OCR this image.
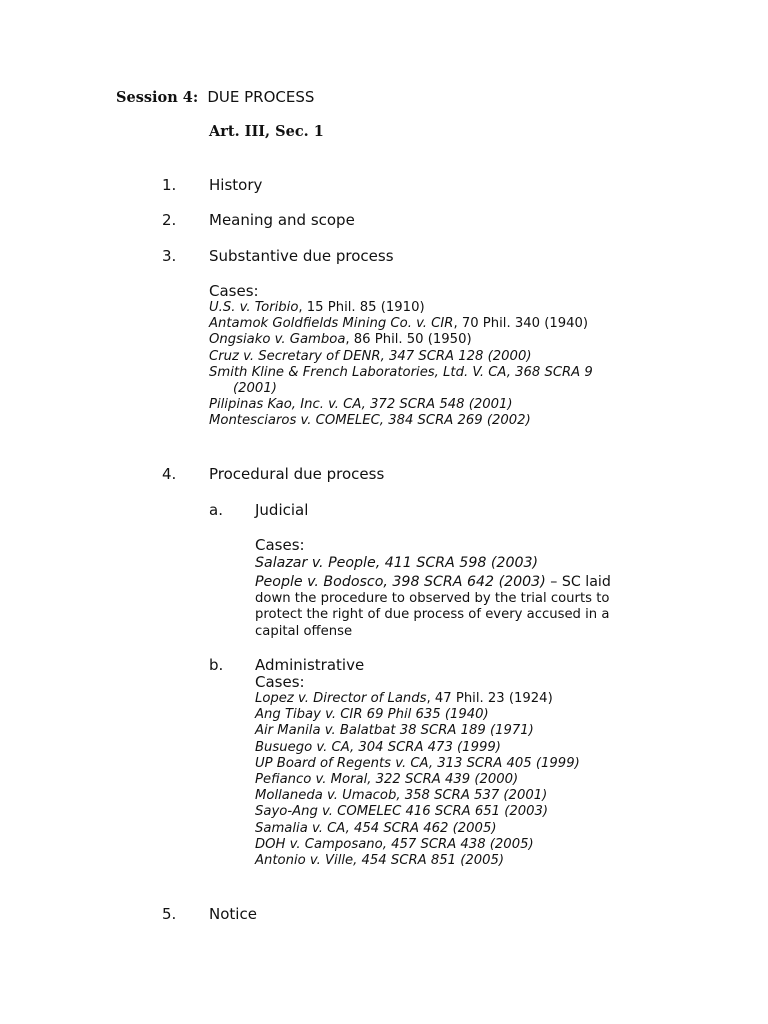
Session 4: DUE PROCESS
Art. III, Sec. 1
1. History
2. Meaning and scope
3. Substantive due process
Cases:
U.S. v. Toribio, 15 Phil. 85 (1910)
Antamok Goldfields Mining Co. v. CIR, 70 Phil. 340 (1940)
Ongsiako v. Gamboa, 86 Phil. 50 (1950)
Cruz v. Secretary of DENR, 347 SCRA 128 (2000)
Smith Kline & French Laboratories, Ltd. V. CA, 368 SCRA 9
(2001)
Pilipinas Kao, Inc. v. CA, 372 SCRA 548 (2001)
Montesciaros v. COMELEC, 384 SCRA 269 (2002)
4. Procedural due process
a. Judicial
Cases:
Salazar v. People, 411 SCRA 598 (2003)
People v. Bodosco, 398 SCRA 642 (2003) – SC laid
down the procedure to observed by the trial courts to
protect the right of due process of every accused in a
capital offense
b. Administrative
Cases:
Lopez v. Director of Lands, 47 Phil. 23 (1924)
Ang Tibay v. CIR 69 Phil 635 (1940)
Air Manila v. Balatbat 38 SCRA 189 (1971)
Busuego v. CA, 304 SCRA 473 (1999)
UP Board of Regents v. CA, 313 SCRA 405 (1999)
Pefianco v. Moral, 322 SCRA 439 (2000)
Mollaneda v. Umacob, 358 SCRA 537 (2001)
Sayo-Ang v. COMELEC 416 SCRA 651 (2003)
Samalia v. CA, 454 SCRA 462 (2005)
DOH v. Camposano, 457 SCRA 438 (2005)
Antonio v. Ville, 454 SCRA 851 (2005)
5. Notice
